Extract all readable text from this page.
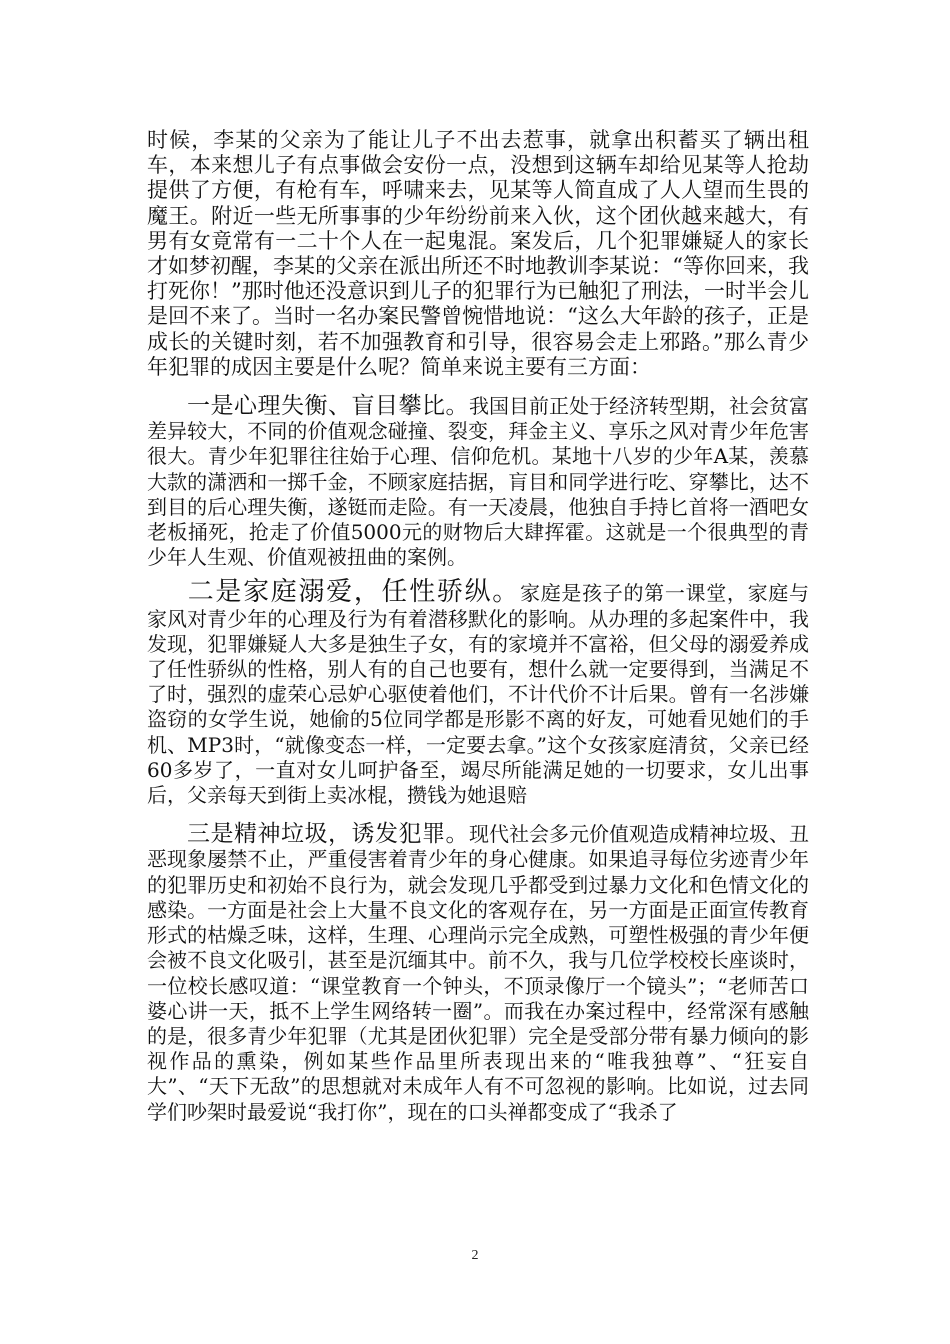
时候，李某的父亲为了能让儿子不出去惹事，就拿出积蓄买了辆出租车，本来想儿子有点事做会安份一点，没想到这辆车却给见某等人抢劫提供了方便，有枪有车，呼啸来去，见某等人简直成了人人望而生畏的魔王。附近一些无所事事的少年纷纷前来入伙，这个团伙越来越大，有男有女竟常有一二十个人在一起鬼混。案发后，几个犯罪嫌疑人的家长才如梦初醒，李某的父亲在派出所还不时地教训李某说：“等你回来，我打死你！”那时他还没意识到儿子的犯罪行为已触犯了刑法，一时半会儿是回不来了。当时一名办案民警曾惋惜地说：“这么大年龄的孩子，正是成长的关键时刻，若不加强教育和引导，很容易会走上邪路。”那么青少年犯罪的成因主要是什么呢？简单来说主要有三方面：

一是心理失衡、盲目攀比。我国目前正处于经济转型期，社会贫富差异较大，不同的价值观念碰撞、裂变，拜金主义、享乐之风对青少年危害很大。青少年犯罪往往始于心理、信仰危机。某地十八岁的少年A某，羡慕大款的潇洒和一掷千金，不顾家庭拮据，肓目和同学进行吃、穿攀比，达不到目的后心理失衡，遂铤而走险。有一天凌晨，他独自手持匕首将一酒吧女老板捅死，抢走了价值5000元的财物后大肆挥霍。这就是一个很典型的青少年人生观、价值观被扭曲的案例。

二是家庭溺爱，任性骄纵。家庭是孩子的第一课堂，家庭与家风对青少年的心理及行为有着潜移默化的影响。从办理的多起案件中，我发现，犯罪嫌疑人大多是独生子女，有的家境并不富裕，但父母的溺爱养成了任性骄纵的性格，别人有的自己也要有，想什么就一定要得到，当满足不了时，强烈的虚荣心忌妒心驱使着他们，不计代价不计后果。曾有一名涉嫌盗窃的女学生说，她偷的5位同学都是形影不离的好友，可她看见她们的手机、MP3时，“就像变态一样，一定要去拿。”这个女孩家庭清贫，父亲已经60多岁了，一直对女儿呵护备至，竭尽所能满足她的一切要求，女儿出事后，父亲每天到街上卖冰棍，攒钱为她退赔

三是精神垃圾，诱发犯罪。现代社会多元价值观造成精神垃圾、丑恶现象屡禁不止，严重侵害着青少年的身心健康。如果追寻每位劣迹青少年的犯罪历史和初始不良行为，就会发现几乎都受到过暴力文化和色情文化的感染。一方面是社会上大量不良文化的客观存在，另一方面是正面宣传教育形式的枯燥乏味，这样，生理、心理尚示完全成熟，可塑性极强的青少年便会被不良文化吸引，甚至是沉缅其中。前不久，我与几位学校校长座谈时，一位校长感叹道：“课堂教育一个钟头，不顶录像厅一个镜头”；“老师苦口婆心讲一天，抵不上学生网络转一圈”。而我在办案过程中，经常深有感触的是，很多青少年犯罪（尤其是团伙犯罪）完全是受部分带有暴力倾向的影视作品的熏染，例如某些作品里所表现出来的“唯我独尊”、“狂妄自大”、“天下无敌”的思想就对未成年人有不可忽视的影响。比如说，过去同学们吵架时最爱说“我打你”，现在的口头禅都变成了“我杀了

2
